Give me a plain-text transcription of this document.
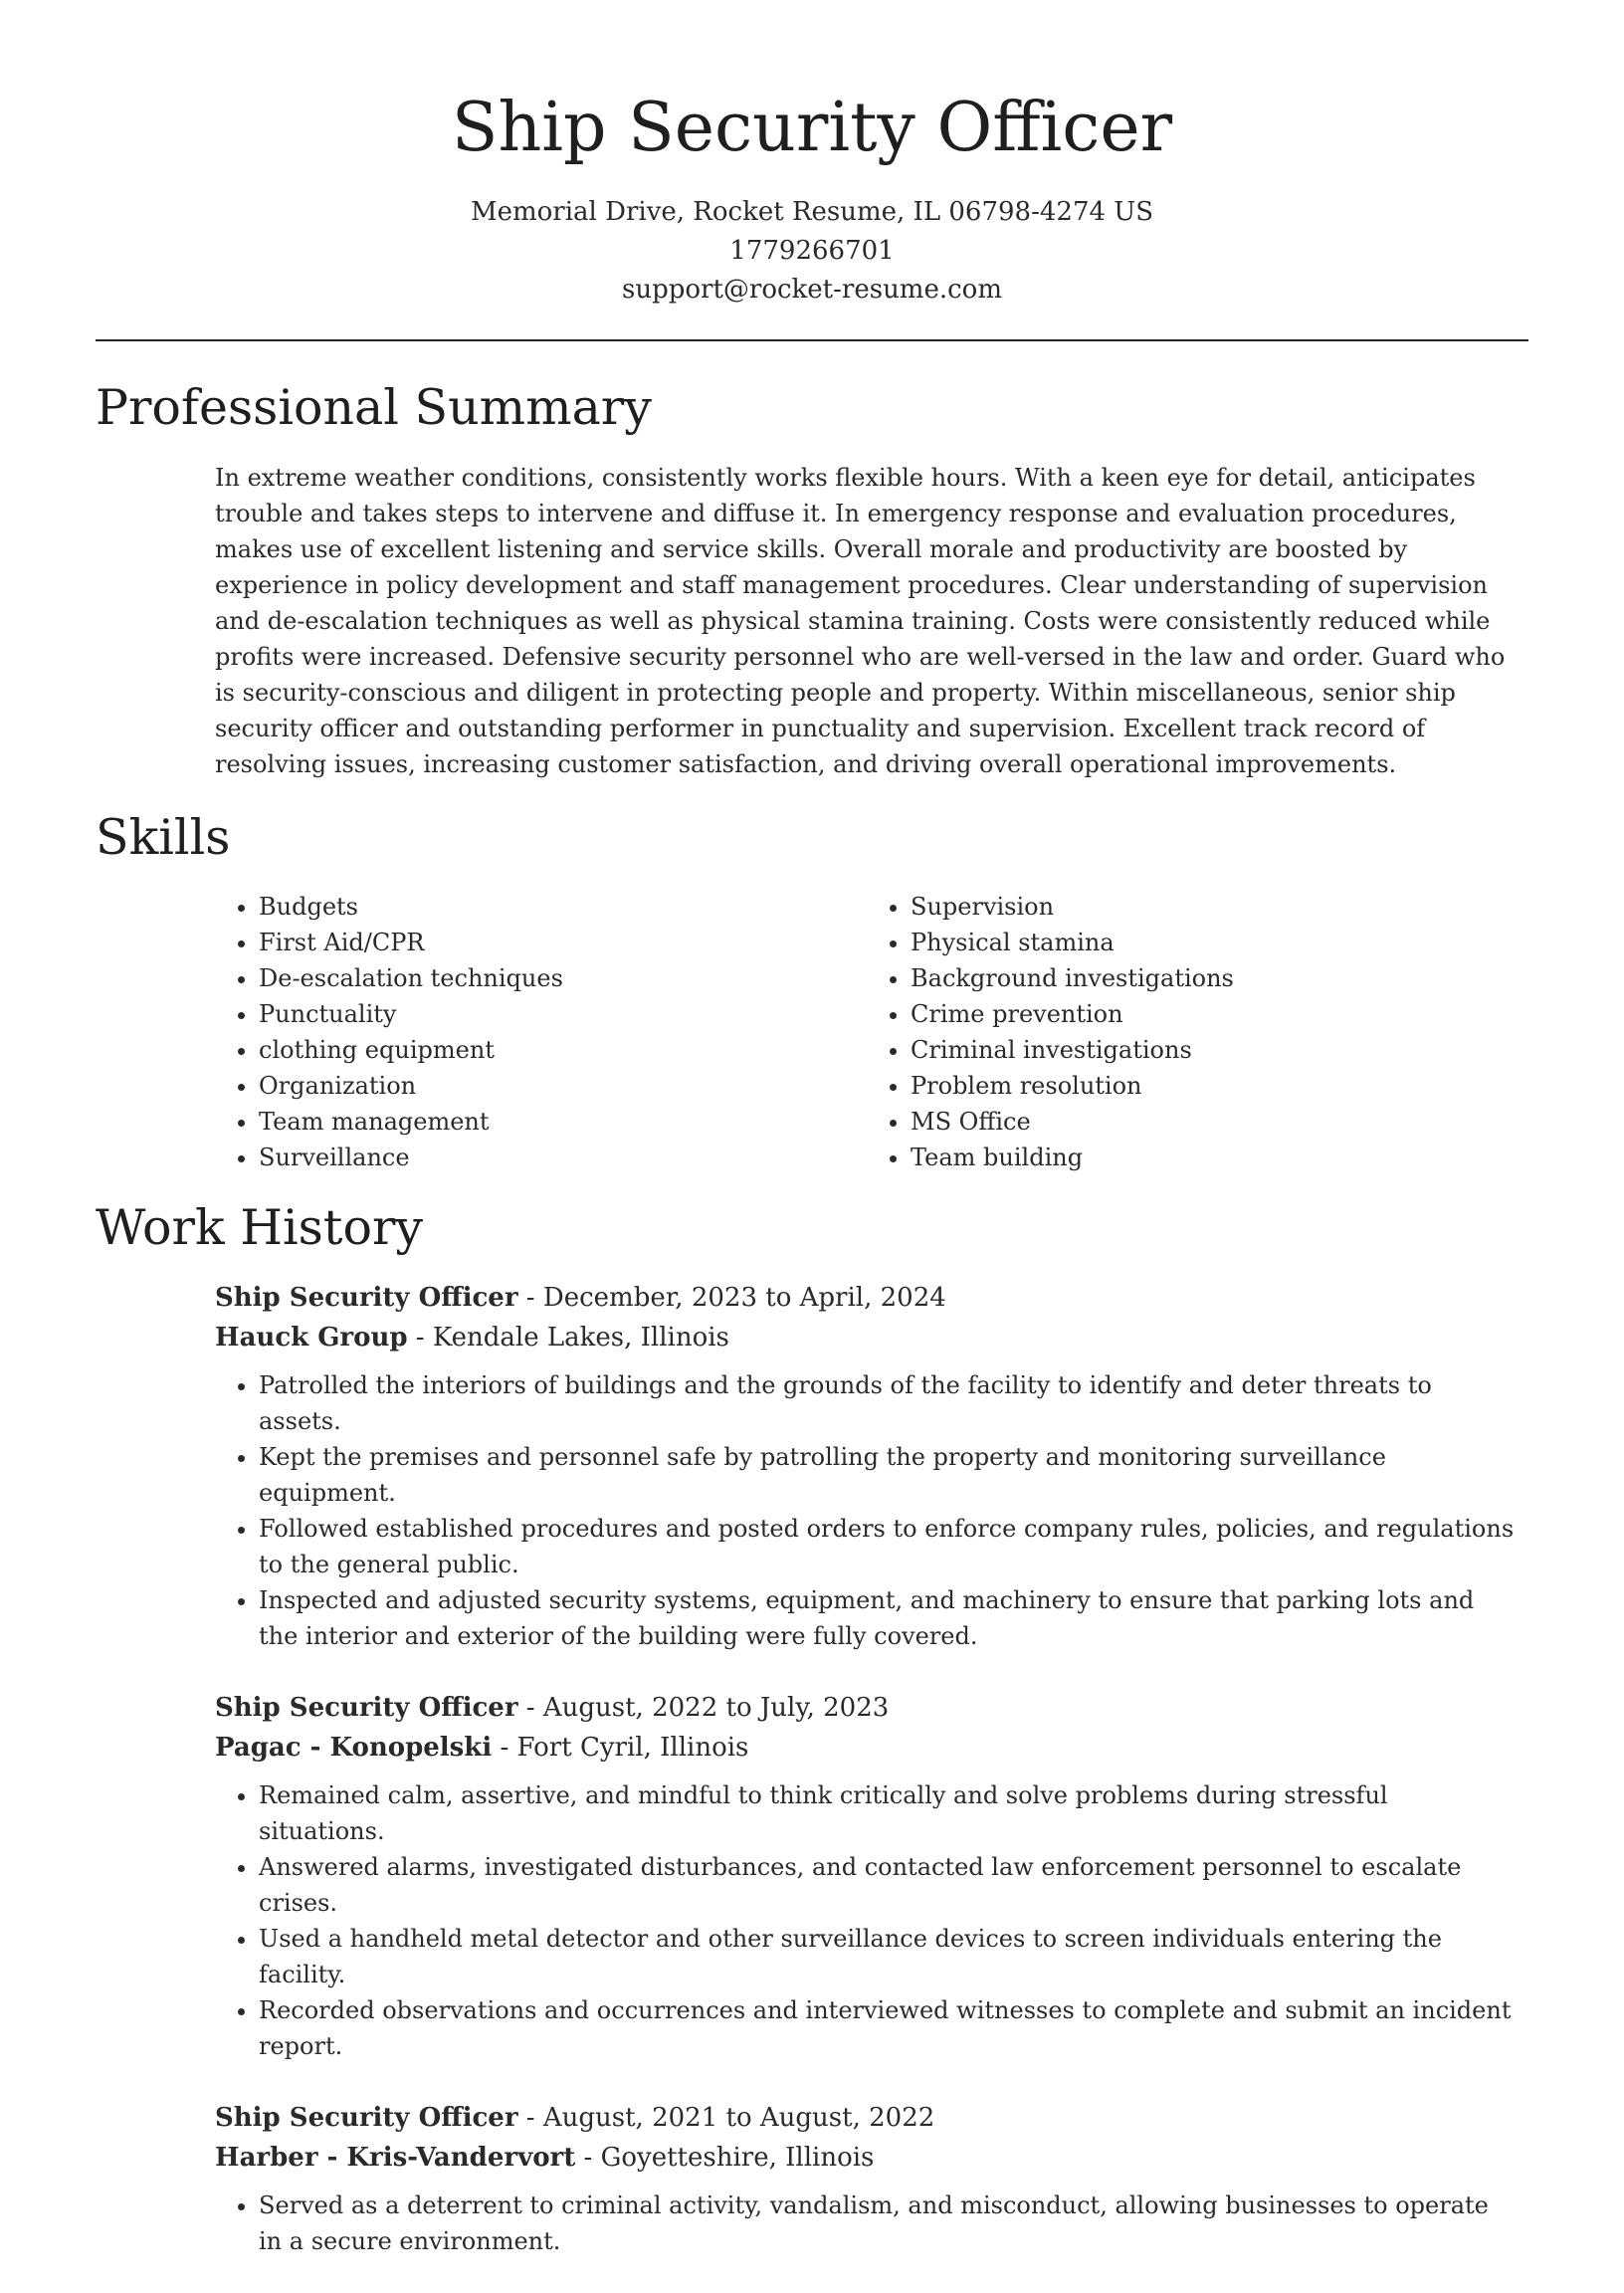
Ship Security Officer
Memorial Drive, Rocket Resume, IL 06798-4274 US
1779266701
support@rocket-resume.com
Professional Summary

In extreme weather conditions, consistently works flexible hours. With a keen eye for detail, anticipates trouble and takes steps to intervene and diffuse it. In emergency response and evaluation procedures, makes use of excellent listening and service skills. Overall morale and productivity are boosted by experience in policy development and staff management procedures. Clear understanding of supervision and de-escalation techniques as well as physical stamina training. Costs were consistently reduced while profits were increased. Defensive security personnel who are well-versed in the law and order. Guard who is security-conscious and diligent in protecting people and property. Within miscellaneous, senior ship security officer and outstanding performer in punctuality and supervision. Excellent track record of resolving issues, increasing customer satisfaction, and driving overall operational improvements.

Skills
• Budgets
• First Aid/CPR
• De-escalation techniques
• Punctuality
• clothing equipment
• Organization
• Team management
• Surveillance
• Supervision
• Physical stamina
• Background investigations
• Crime prevention
• Criminal investigations
• Problem resolution
• MS Office
• Team building
Work History
Ship Security Officer - December, 2023 to April, 2024
Hauck Group - Kendale Lakes, Illinois
• Patrolled the interiors of buildings and the grounds of the facility to identify and deter threats to assets.
• Kept the premises and personnel safe by patrolling the property and monitoring surveillance equipment.
• Followed established procedures and posted orders to enforce company rules, policies, and regulations to the general public.
• Inspected and adjusted security systems, equipment, and machinery to ensure that parking lots and the interior and exterior of the building were fully covered.
Ship Security Officer - August, 2022 to July, 2023
Pagac - Konopelski - Fort Cyril, Illinois
• Remained calm, assertive, and mindful to think critically and solve problems during stressful situations.
• Answered alarms, investigated disturbances, and contacted law enforcement personnel to escalate crises.
• Used a handheld metal detector and other surveillance devices to screen individuals entering the facility.
• Recorded observations and occurrences and interviewed witnesses to complete and submit an incident report.
Ship Security Officer - August, 2021 to August, 2022
Harber - Kris-Vandervort - Goyetteshire, Illinois
• Served as a deterrent to criminal activity, vandalism, and misconduct, allowing businesses to operate in a secure environment.
